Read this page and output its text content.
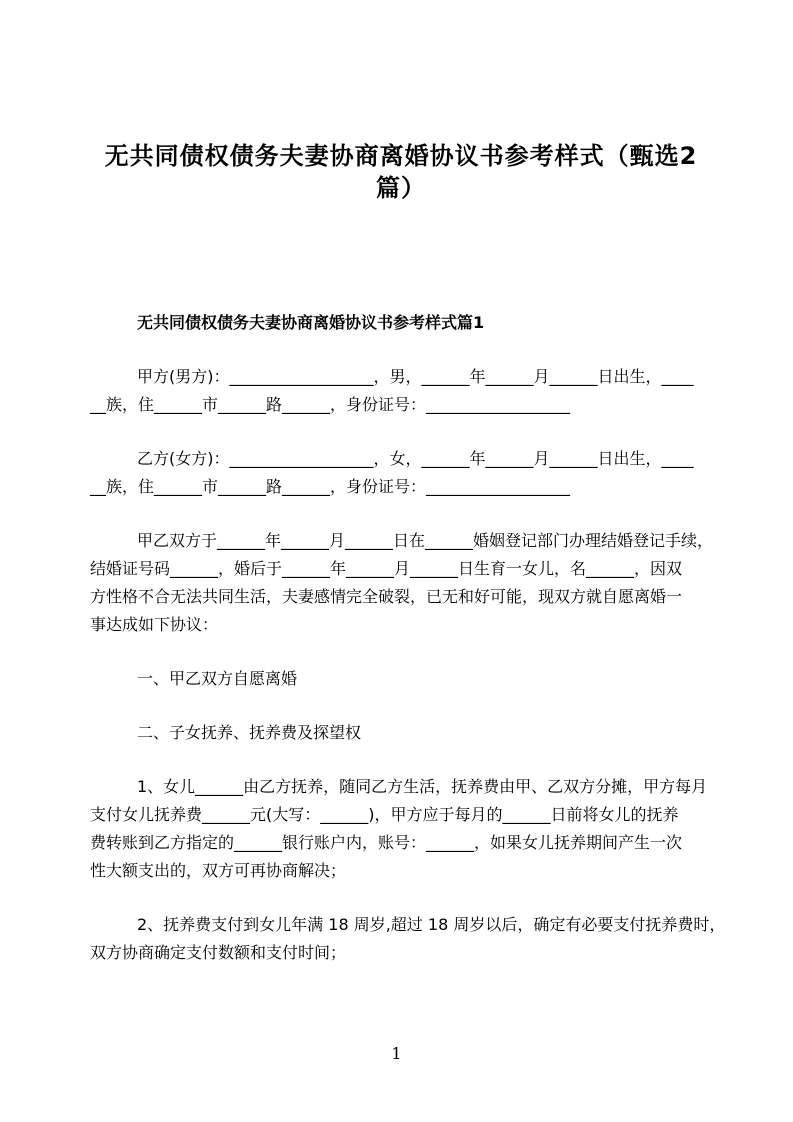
无共同债权债务夫妻协商离婚协议书参考样式（甄选2
篇）
无共同债权债务夫妻协商离婚协议书参考样式篇1
甲方(男方)：__________________，男，______年______月______日出生，____
__族，住______市______路______，身份证号：__________________
乙方(女方)：__________________，女，______年______月______日出生，____
__族，住______市______路______，身份证号：__________________
甲乙双方于______年______月______日在______婚姻登记部门办理结婚登记手续，
结婚证号码______，婚后于______年______月______日生育一女儿，名______，因双
方性格不合无法共同生活，夫妻感情完全破裂，已无和好可能，现双方就自愿离婚一
事达成如下协议：
一、甲乙双方自愿离婚
二、子女抚养、抚养费及探望权
1、女儿______由乙方抚养，随同乙方生活，抚养费由甲、乙双方分摊，甲方每月
支付女儿抚养费______元(大写：______)，甲方应于每月的______日前将女儿的抚养
费转账到乙方指定的______银行账户内，账号：______，如果女儿抚养期间产生一次
性大额支出的，双方可再协商解决；
2、抚养费支付到女儿年满 18 周岁,超过 18 周岁以后，确定有必要支付抚养费时，
双方协商确定支付数额和支付时间；
1
